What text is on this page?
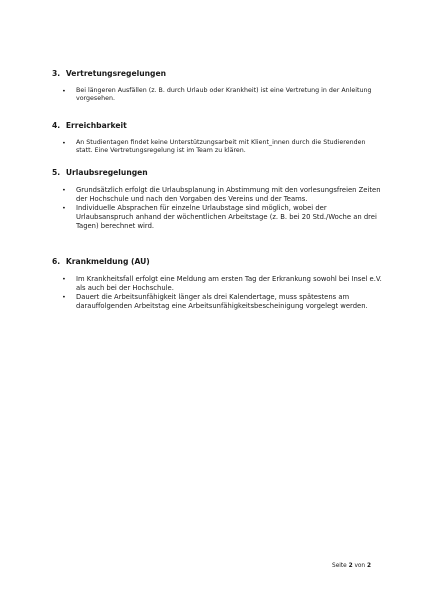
3. Vertretungsregelungen
• Bei längeren Ausfällen (z. B. durch Urlaub oder Krankheit) ist eine Vertretung in der Anleitung vorgesehen.
4. Erreichbarkeit
• An Studientagen findet keine Unterstützungsarbeit mit Klient_innen durch die Studierenden statt. Eine Vertretungsregelung ist im Team zu klären.
5. Urlaubsregelungen
• Grundsätzlich erfolgt die Urlaubsplanung in Abstimmung mit den vorlesungsfreien Zeiten der Hochschule und nach den Vorgaben des Vereins und der Teams.
• Individuelle Absprachen für einzelne Urlaubstage sind möglich, wobei der Urlaubsanspruch anhand der wöchentlichen Arbeitstage (z. B. bei 20 Std./Woche an drei Tagen) berechnet wird.
6. Krankmeldung (AU)
• Im Krankheitsfall erfolgt eine Meldung am ersten Tag der Erkrankung sowohl bei Insel e.V. als auch bei der Hochschule.
• Dauert die Arbeitsunfähigkeit länger als drei Kalendertage, muss spätestens am darauffolgenden Arbeitstag eine Arbeitsunfähigkeitsbescheinigung vorgelegt werden.
Seite 2 von 2
